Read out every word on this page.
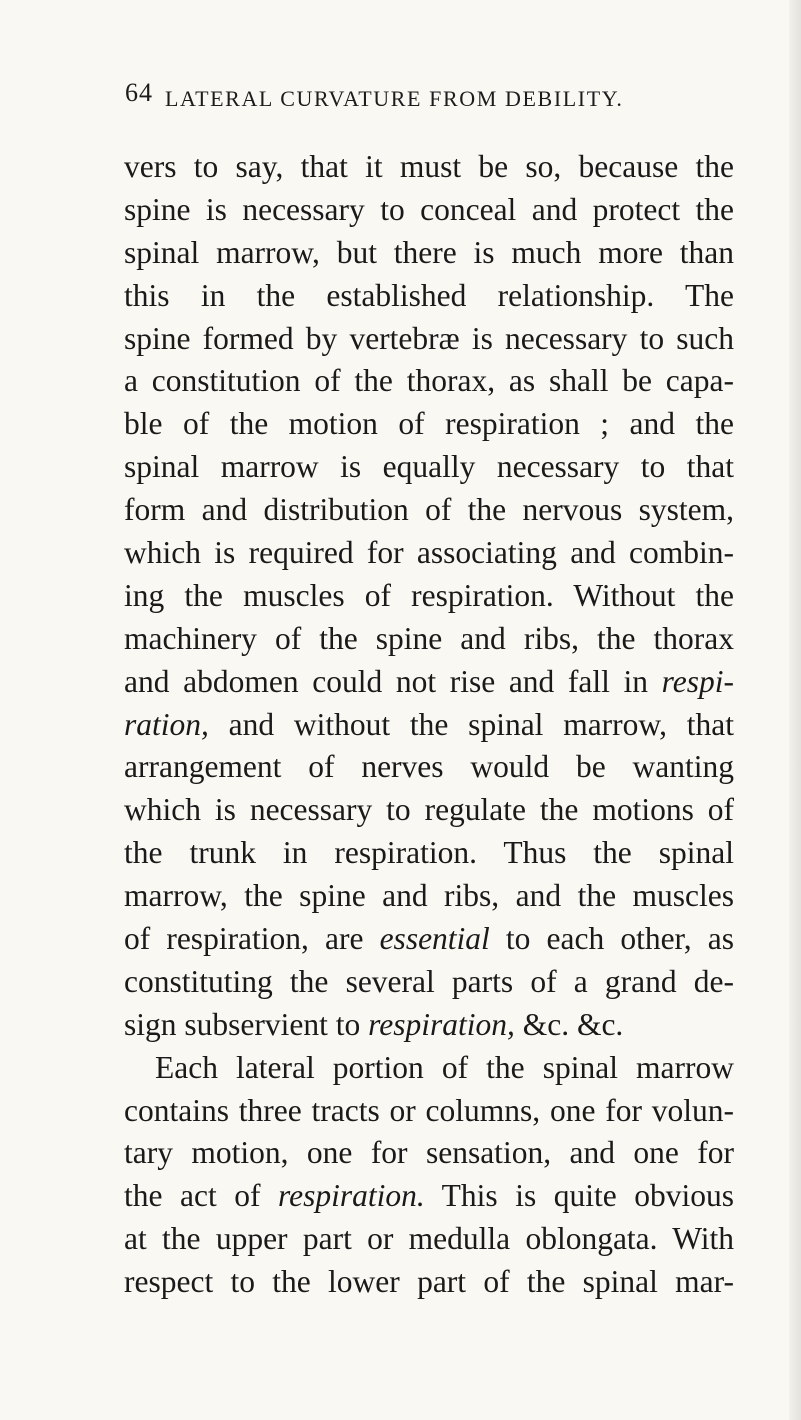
64 LATERAL CURVATURE FROM DEBILITY.
vers to say, that it must be so, because the
spine is necessary to conceal and protect the
spinal marrow, but there is much more than
this in the established relationship. The
spine formed by vertebræ is necessary to such
a constitution of the thorax, as shall be capa-
ble of the motion of respiration ; and the
spinal marrow is equally necessary to that
form and distribution of the nervous system,
which is required for associating and combin-
ing the muscles of respiration. Without the
machinery of the spine and ribs, the thorax
and abdomen could not rise and fall in respi-
ration, and without the spinal marrow, that
arrangement of nerves would be wanting
which is necessary to regulate the motions of
the trunk in respiration. Thus the spinal
marrow, the spine and ribs, and the muscles
of respiration, are essential to each other, as
constituting the several parts of a grand de-
sign subservient to respiration, &c. &c.
Each lateral portion of the spinal marrow
contains three tracts or columns, one for volun-
tary motion, one for sensation, and one for
the act of respiration. This is quite obvious
at the upper part or medulla oblongata. With
respect to the lower part of the spinal mar-
